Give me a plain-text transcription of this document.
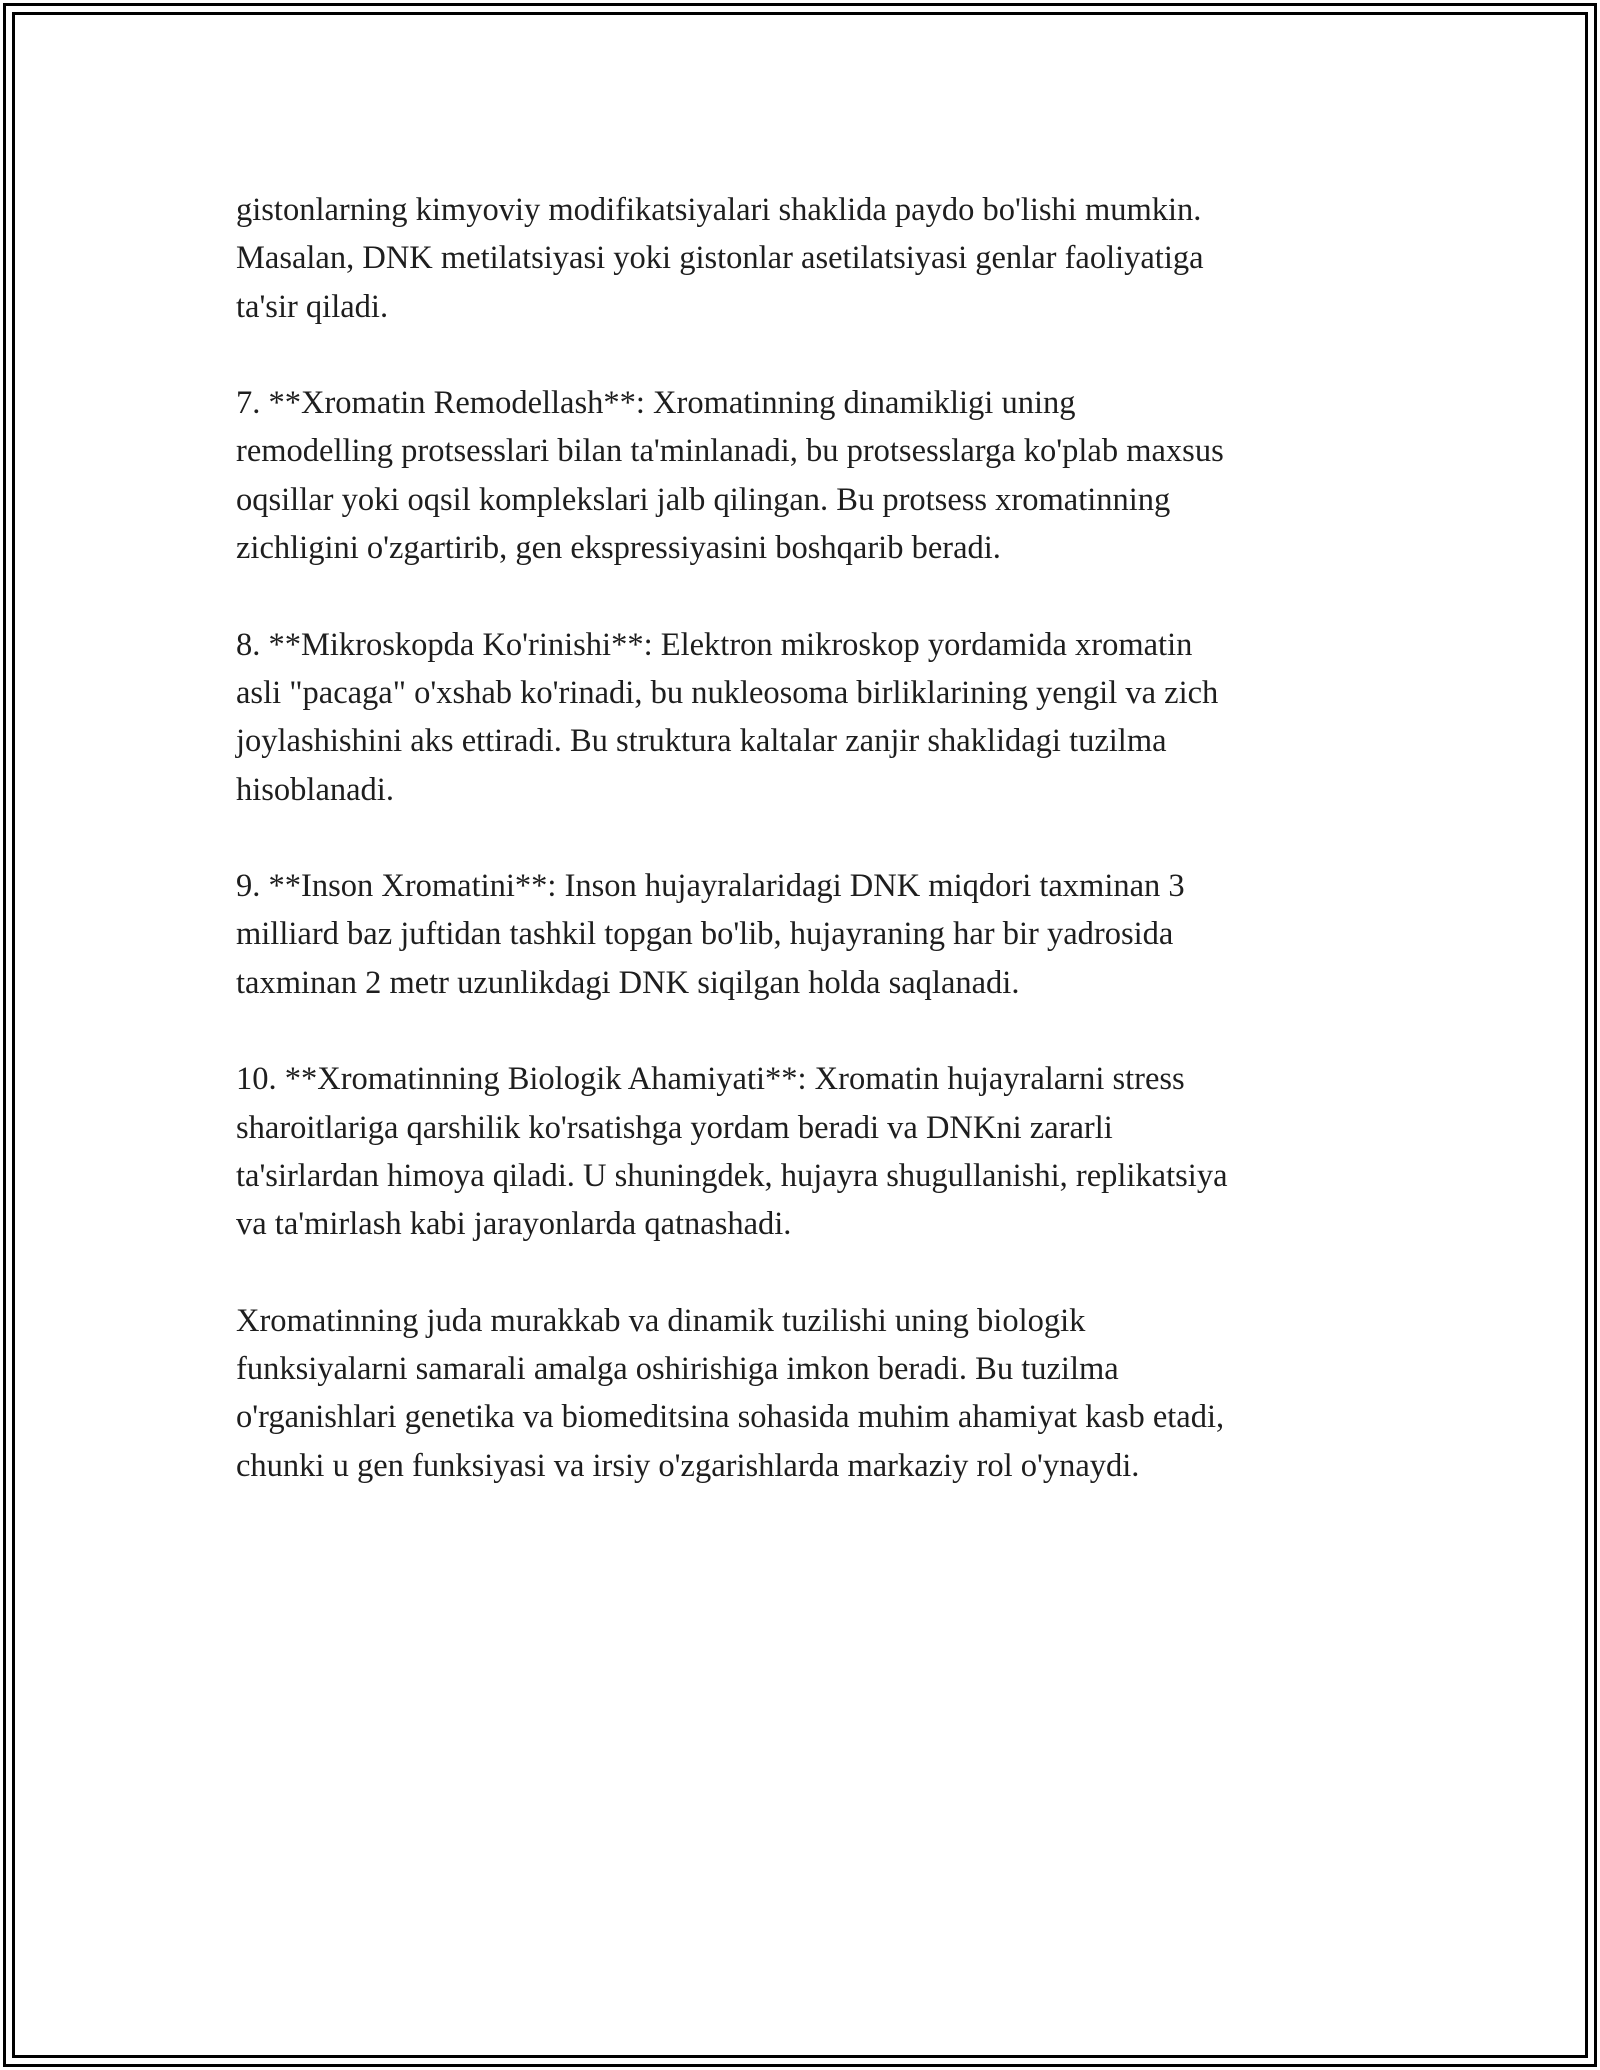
gistonlarning kimyoviy modifikatsiyalari shaklida paydo bo'lishi mumkin.
Masalan, DNK metilatsiyasi yoki gistonlar asetilatsiyasi genlar faoliyatiga
ta'sir qiladi.

7. **Xromatin Remodellash**: Xromatinning dinamikligi uning
remodelling protsesslari bilan ta'minlanadi, bu protsesslarga ko'plab maxsus
oqsillar yoki oqsil komplekslari jalb qilingan. Bu protsess xromatinning
zichligini o'zgartirib, gen ekspressiyasini boshqarib beradi.

8. **Mikroskopda Ko'rinishi**: Elektron mikroskop yordamida xromatin
asli "pacaga" o'xshab ko'rinadi, bu nukleosoma birliklarining yengil va zich
joylashishini aks ettiradi. Bu struktura kaltalar zanjir shaklidagi tuzilma
hisoblanadi.

9. **Inson Xromatini**: Inson hujayralaridagi DNK miqdori taxminan 3
milliard baz juftidan tashkil topgan bo'lib, hujayraning har bir yadrosida
taxminan 2 metr uzunlikdagi DNK siqilgan holda saqlanadi.

10. **Xromatinning Biologik Ahamiyati**: Xromatin hujayralarni stress
sharoitlariga qarshilik ko'rsatishga yordam beradi va DNKni zararli
ta'sirlardan himoya qiladi. U shuningdek, hujayra shugullanishi, replikatsiya
va ta'mirlash kabi jarayonlarda qatnashadi.

Xromatinning juda murakkab va dinamik tuzilishi uning biologik
funksiyalarni samarali amalga oshirishiga imkon beradi. Bu tuzilma
o'rganishlari genetika va biomeditsina sohasida muhim ahamiyat kasb etadi,
chunki u gen funksiyasi va irsiy o'zgarishlarda markaziy rol o'ynaydi.
